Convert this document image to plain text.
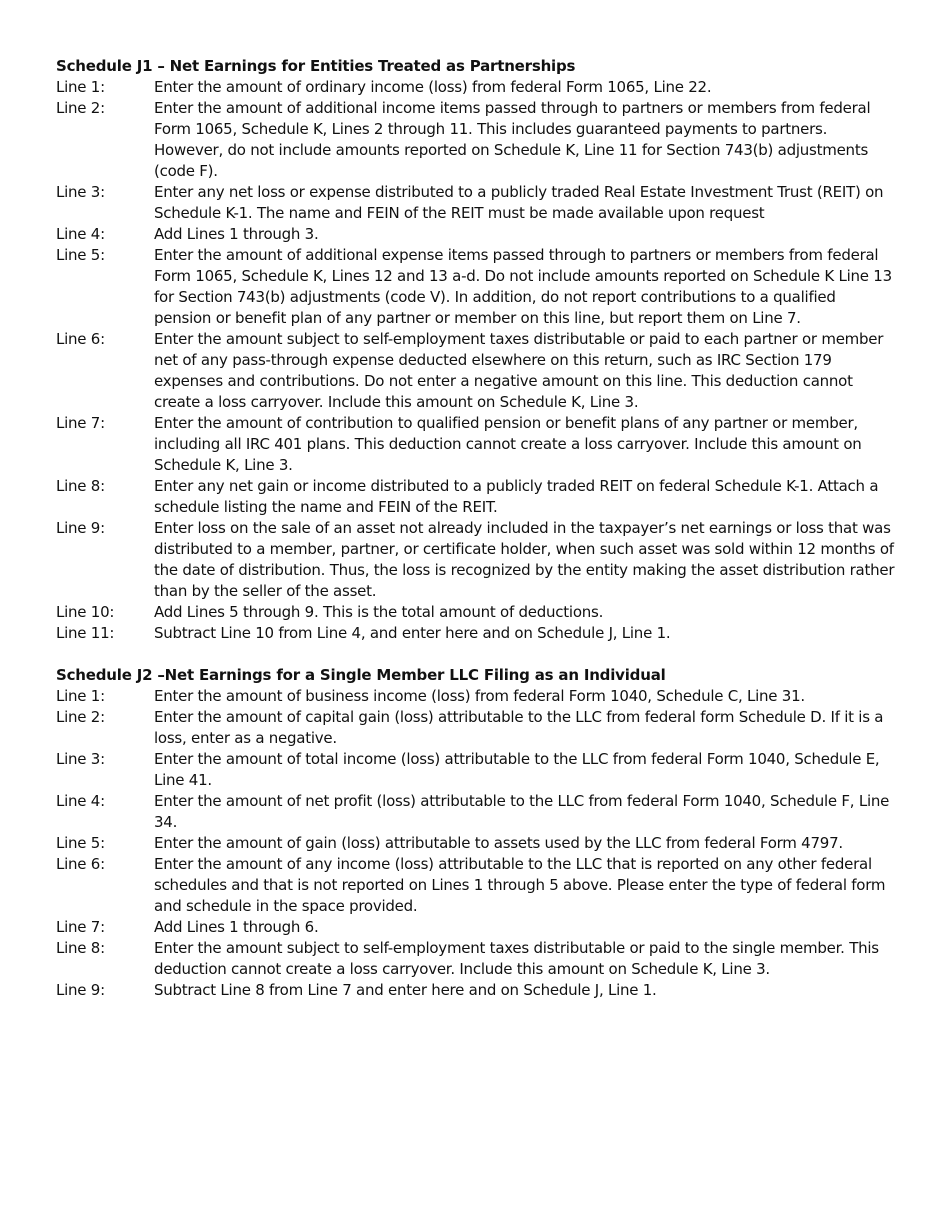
Schedule J1 – Net Earnings for Entities Treated as Partnerships
Line 1:	Enter the amount of ordinary income (loss) from federal Form 1065, Line 22.
Line 2:	Enter the amount of additional income items passed through to partners or members from federal Form 1065, Schedule K, Lines 2 through 11. This includes guaranteed payments to partners. However, do not include amounts reported on Schedule K, Line 11 for Section 743(b) adjustments (code F).
Line 3:	Enter any net loss or expense distributed to a publicly traded Real Estate Investment Trust (REIT) on Schedule K-1. The name and FEIN of the REIT must be made available upon request
Line 4:	Add Lines 1 through 3.
Line 5:	Enter the amount of additional expense items passed through to partners or members from federal Form 1065, Schedule K, Lines 12 and 13 a-d. Do not include amounts reported on Schedule K Line 13 for Section 743(b) adjustments (code V). In addition, do not report contributions to a qualified pension or benefit plan of any partner or member on this line, but report them on Line 7.
Line 6:	Enter the amount subject to self-employment taxes distributable or paid to each partner or member net of any pass-through expense deducted elsewhere on this return, such as IRC Section 179 expenses and contributions. Do not enter a negative amount on this line. This deduction cannot create a loss carryover. Include this amount on Schedule K, Line 3.
Line 7:	Enter the amount of contribution to qualified pension or benefit plans of any partner or member, including all IRC 401 plans. This deduction cannot create a loss carryover. Include this amount on Schedule K, Line 3.
Line 8:	Enter any net gain or income distributed to a publicly traded REIT on federal Schedule K-1. Attach a schedule listing the name and FEIN of the REIT.
Line 9:	Enter loss on the sale of an asset not already included in the taxpayer’s net earnings or loss that was distributed to a member, partner, or certificate holder, when such asset was sold within 12 months of the date of distribution. Thus, the loss is recognized by the entity making the asset distribution rather than by the seller of the asset.
Line 10:	Add Lines 5 through 9. This is the total amount of deductions.
Line 11:	Subtract Line 10 from Line 4, and enter here and on Schedule J, Line 1.
Schedule J2 –Net Earnings for a Single Member LLC Filing as an Individual
Line 1:	Enter the amount of business income (loss) from federal Form 1040, Schedule C, Line 31.
Line 2:	Enter the amount of capital gain (loss) attributable to the LLC from federal form Schedule D. If it is a loss, enter as a negative.
Line 3:	Enter the amount of total income (loss) attributable to the LLC from federal Form 1040, Schedule E, Line 41.
Line 4:	Enter the amount of net profit (loss) attributable to the LLC from federal Form 1040, Schedule F, Line 34.
Line 5:	Enter the amount of gain (loss) attributable to assets used by the LLC from federal Form 4797.
Line 6:	Enter the amount of any income (loss) attributable to the LLC that is reported on any other federal schedules and that is not reported on Lines 1 through 5 above. Please enter the type of federal form and schedule in the space provided.
Line 7:	Add Lines 1 through 6.
Line 8:	Enter the amount subject to self-employment taxes distributable or paid to the single member. This deduction cannot create a loss carryover. Include this amount on Schedule K, Line 3.
Line 9:	Subtract Line 8 from Line 7 and enter here and on Schedule J, Line 1.
